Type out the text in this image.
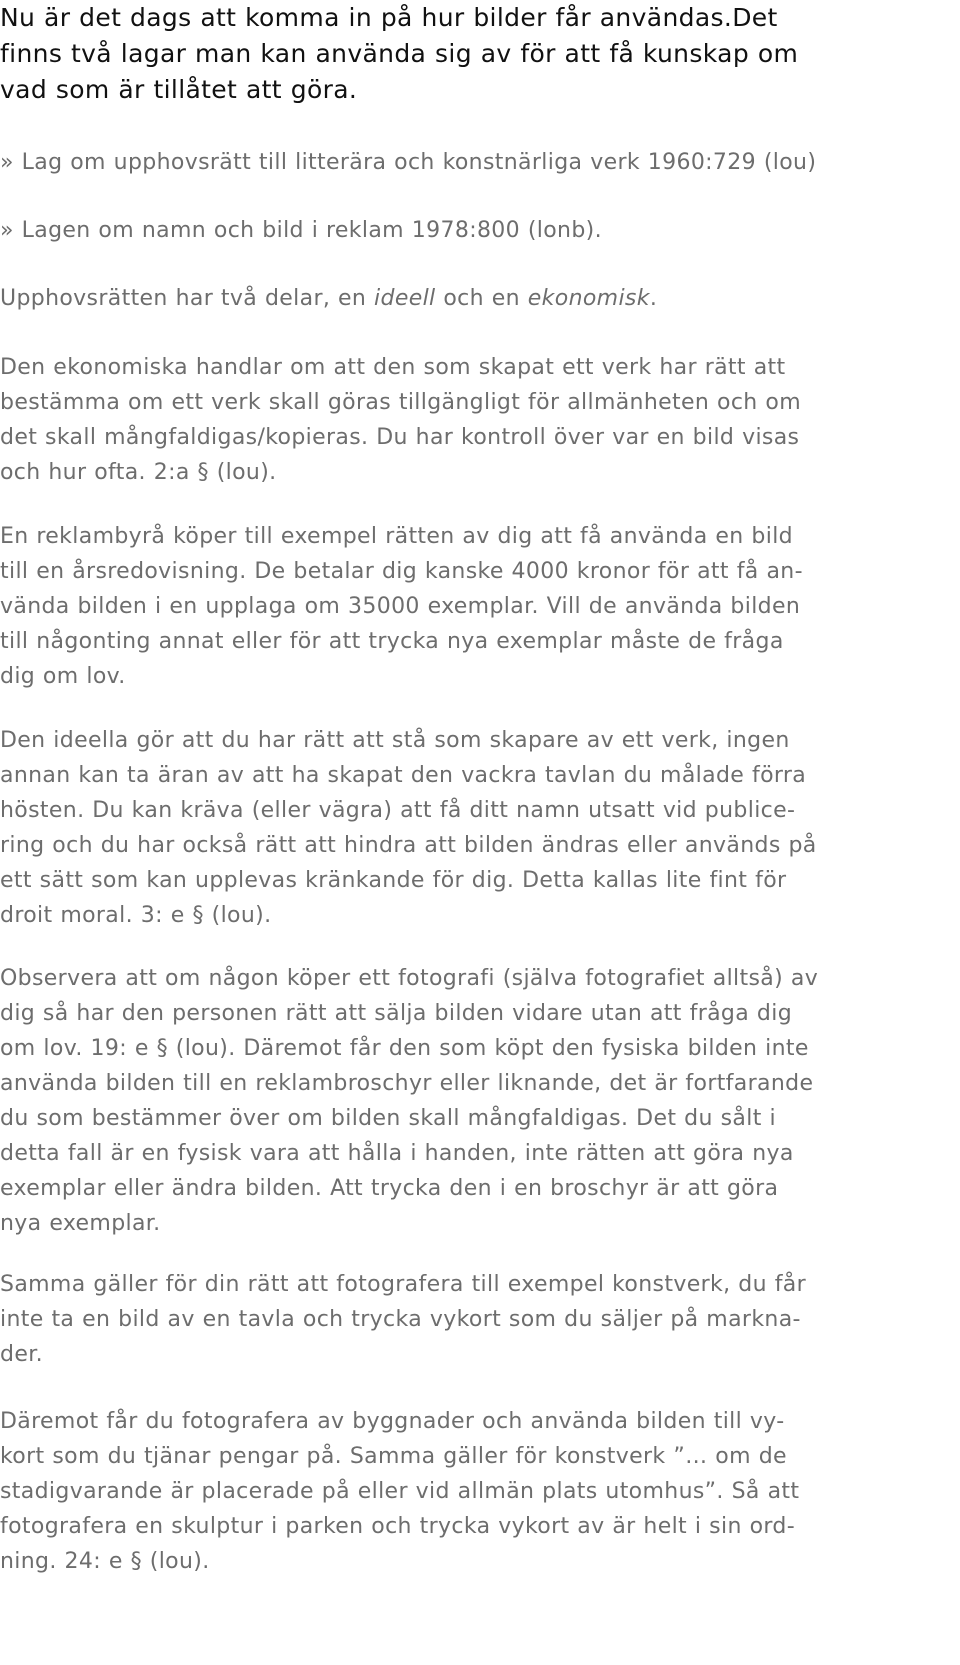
Nu är det dags att komma in på hur bilder får användas.Det
finns två lagar man kan använda sig av för att få kunskap om
vad som är tillåtet att göra.
» Lag om upphovsrätt till litterära och konstnärliga verk 1960:729 (lou)
» Lagen om namn och bild i reklam 1978:800 (lonb).
Upphovsrätten har två delar, en ideell och en ekonomisk.
Den ekonomiska handlar om att den som skapat ett verk har rätt att
bestämma om ett verk skall göras tillgängligt för allmänheten och om
det skall mångfaldigas/kopieras. Du har kontroll över var en bild visas
och hur ofta. 2:a § (lou).
En reklambyrå köper till exempel rätten av dig att få använda en bild
till en årsredovisning. De betalar dig kanske 4000 kronor för att få an-
vända bilden i en upplaga om 35000 exemplar. Vill de använda bilden
till någonting annat eller för att trycka nya exemplar måste de fråga
dig om lov.
Den ideella gör att du har rätt att stå som skapare av ett verk, ingen
annan kan ta äran av att ha skapat den vackra tavlan du målade förra
hösten. Du kan kräva (eller vägra) att få ditt namn utsatt vid publice-
ring och du har också rätt att hindra att bilden ändras eller används på
ett sätt som kan upplevas kränkande för dig. Detta kallas lite fint för
droit moral. 3: e § (lou).
Observera att om någon köper ett fotografi (själva fotografiet alltså) av
dig så har den personen rätt att sälja bilden vidare utan att fråga dig
om lov. 19: e § (lou). Däremot får den som köpt den fysiska bilden inte
använda bilden till en reklambroschyr eller liknande, det är fortfarande
du som bestämmer över om bilden skall mångfaldigas. Det du sålt i
detta fall är en fysisk vara att hålla i handen, inte rätten att göra nya
exemplar eller ändra bilden. Att trycka den i en broschyr är att göra
nya exemplar.
Samma gäller för din rätt att fotografera till exempel konstverk, du får
inte ta en bild av en tavla och trycka vykort som du säljer på markna-
der.
Däremot får du fotografera av byggnader och använda bilden till vy-
kort som du tjänar pengar på. Samma gäller för konstverk ”… om de
stadigvarande är placerade på eller vid allmän plats utomhus”. Så att
fotografera en skulptur i parken och trycka vykort av är helt i sin ord-
ning. 24: e § (lou).
